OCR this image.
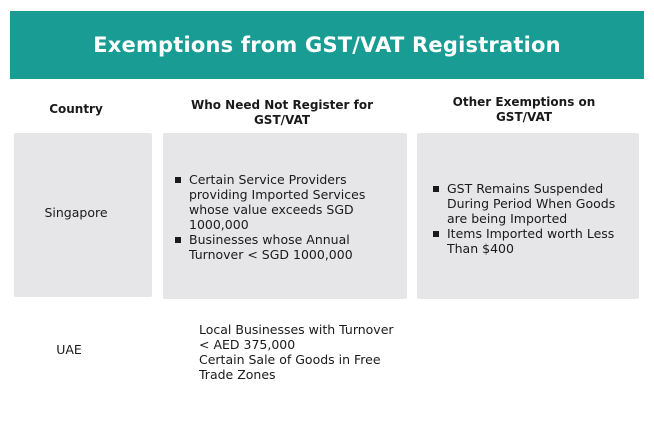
Exemptions from GST/VAT Registration
Country	Who Need Not Register for GST/VAT
Other Exemptions on GST/VAT
Singapore
Certain Service Providers providing Imported Services whose value exceeds SGD 1000,000
Businesses whose Annual Turnover < SGD 1000,000
GST Remains Suspended During Period When Goods are being Imported
Items Imported worth Less Than $400
UAE
Local Businesses with Turnover < AED 375,000
Certain Sale of Goods in Free Trade Zones
